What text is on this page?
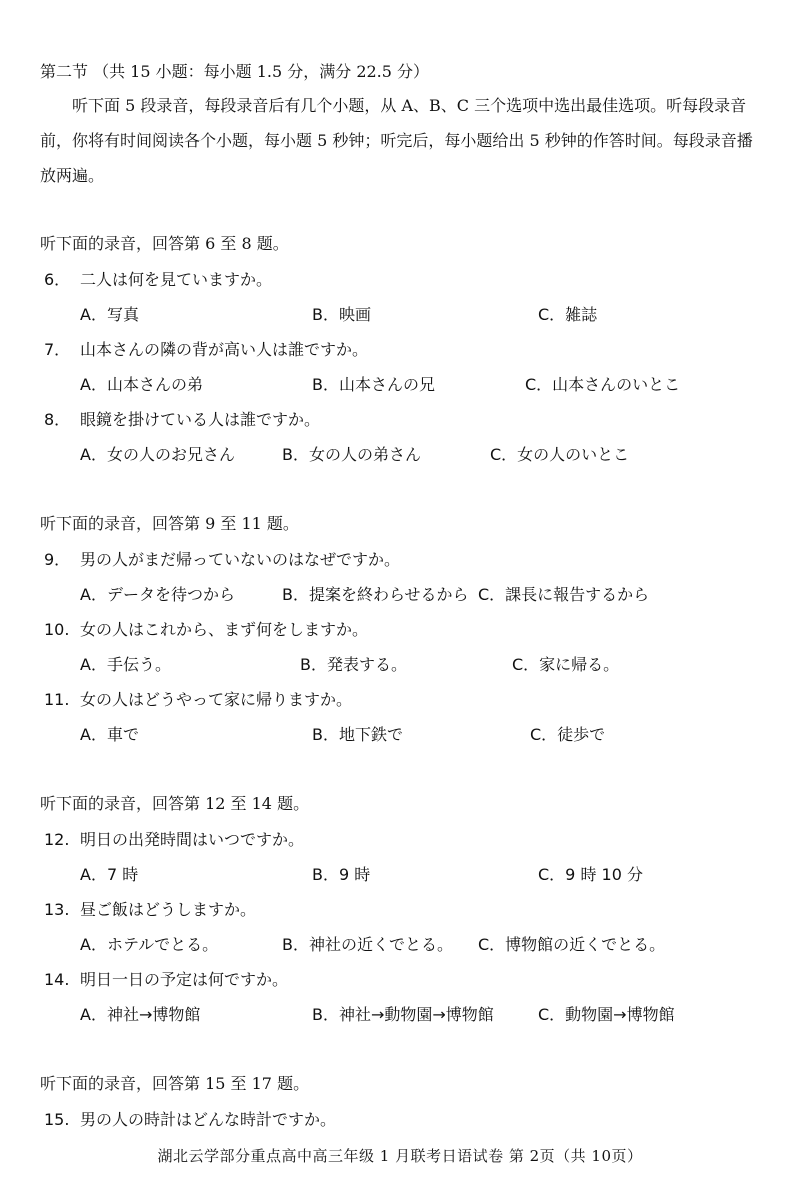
第二节 （共 15 小题：每小题 1.5 分，满分 22.5 分）
听下面 5 段录音，每段录音后有几个小题，从 A、B、C 三个选项中选出最佳选项。听每段录音前，你将有时间阅读各个小题，每小题 5 秒钟；听完后，每小题给出 5 秒钟的作答时间。每段录音播放两遍。
听下面的录音，回答第 6 至 8 题。
6． 二人は何を見ていますか。
A．写真	B．映画	C．雑誌
7． 山本さんの隣の背が高い人は誰ですか。
A．山本さんの弟	B．山本さんの兄	C．山本さんのいとこ
8． 眼鏡を掛けている人は誰ですか。
A．女の人のお兄さん	B．女の人の弟さん	C．女の人のいとこ
听下面的录音，回答第 9 至 11 题。
9． 男の人がまだ帰っていないのはなぜですか。
A．データを待つから	B．提案を終わらせるから C．課長に報告するから
10. 女の人はこれから、まず何をしますか。
A．手伝う。	B．発表する。	C．家に帰る。
11. 女の人はどうやって家に帰りますか。
A．車で	B．地下鉄で	C．徒歩で
听下面的录音，回答第 12 至 14 题。
12. 明日の出発時間はいつですか。
A．7 時	B．9 時	C．9 時 10 分
13. 昼ご飯はどうしますか。
A．ホテルでとる。	B．神社の近くでとる。 C．博物館の近くでとる。
14. 明日一日の予定は何ですか。
A．神社→博物館	B．神社→動物園→博物館	C．動物園→博物館
听下面的录音，回答第 15 至 17 题。
15. 男の人の時計はどんな時計ですか。
湖北云学部分重点高中高三年级 1 月联考日语试卷 第 2页（共 10页）
